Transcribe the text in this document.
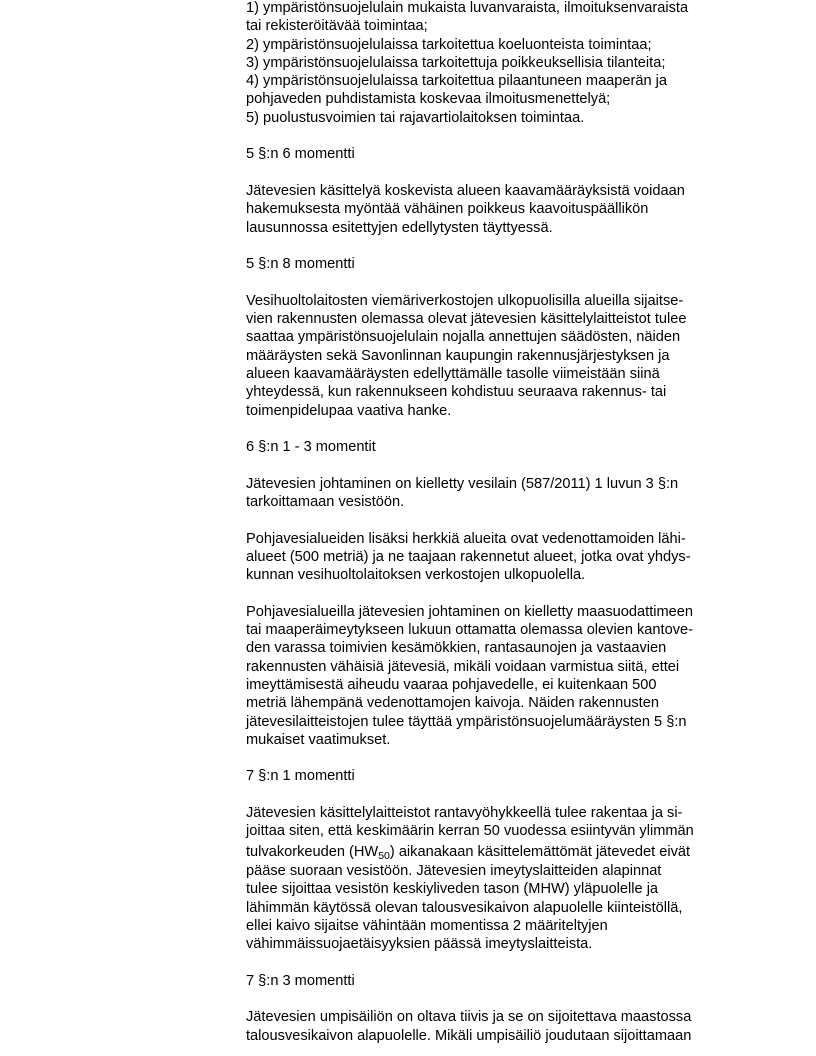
1) ympäristönsuojelulain mukaista luvanvaraista, ilmoituksenvaraista
tai rekisteröitävää toimintaa;
2) ympäristönsuojelulaissa tarkoitettua koeluonteista toimintaa;
3) ympäristönsuojelulaissa tarkoitettuja poikkeuksellisia tilanteita;
4) ympäristönsuojelulaissa tarkoitettua pilaantuneen maaperän ja
pohjaveden puhdistamista koskevaa ilmoitusmenettelyä;
5) puolustusvoimien tai rajavartiolaitoksen toimintaa.
5 §:n 6 momentti
Jätevesien käsittelyä koskevista alueen kaavamääräyksistä voidaan
hakemuksesta myöntää vähäinen poikkeus kaavoituspäällikön
lausunnossa esitettyjen edellytysten täyttyessä.
5 §:n 8 momentti
Vesihuoltolaitosten viemäriverkostojen ulkopuolisilla alueilla sijaitse-
vien rakennusten olemassa olevat jätevesien käsittelylaitteistot tulee
saattaa ympäristönsuojelulain nojalla annettujen säädösten, näiden
määräysten sekä Savonlinnan kaupungin rakennusjärjestyksen ja
alueen kaavamääräysten edellyttämälle tasolle viimeistään siinä
yhteydessä, kun rakennukseen kohdistuu seuraava rakennus- tai
toimenpidelupaa vaativa hanke.
6 §:n 1 - 3 momentit
Jätevesien johtaminen on kielletty vesilain (587/2011) 1 luvun 3 §:n
tarkoittamaan vesistöön.
Pohjavesialueiden lisäksi herkkiä alueita ovat vedenottamoiden lähi-
alueet (500 metriä) ja ne taajaan rakennetut alueet, jotka ovat yhdys-
kunnan vesihuoltolaitoksen verkostojen ulkopuolella.
Pohjavesialueilla jätevesien johtaminen on kielletty maasuodattimeen
tai maaperäimeytykseen lukuun ottamatta olemassa olevien kantove-
den varassa toimivien kesämökkien, rantasaunojen ja vastaavien
rakennusten vähäisiä jätevesiä, mikäli voidaan varmistua siitä, ettei
imeyttämisestä aiheudu vaaraa pohjavedelle, ei kuitenkaan 500
metriä lähempänä vedenottamojen kaivoja. Näiden rakennusten
jätevesilaitteistojen tulee täyttää ympäristönsuojelumääräysten 5 §:n
mukaiset vaatimukset.
7 §:n 1 momentti
Jätevesien käsittelylaitteistot rantavyöhykkeellä tulee rakentaa ja si-
joittaa siten, että keskimäärin kerran 50 vuodessa esiintyvän ylimmän
tulvakorkeuden $(HW_{50})$ aikanakaan käsittelemättömät jätevedet eivät
pääse suoraan vesistöön. Jätevesien imeytyslaitteiden alapinnat
tulee sijoittaa vesistön keskiyliveden tason (MHW) yläpuolelle ja
lähimmän käytössä olevan talousvesikaivon alapuolelle kiinteistöllä,
ellei kaivo sijaitse vähintään momentissa 2 määriteltyjen
vähimmäissuojaetäisyyksien päässä imeytyslaitteista.
7 §:n 3 momentti
Jätevesien umpisäiliön on oltava tiivis ja se on sijoitettava maastossa
talousvesikaivon alapuolelle. Mikäli umpisäiliö joudutaan sijoittamaan
